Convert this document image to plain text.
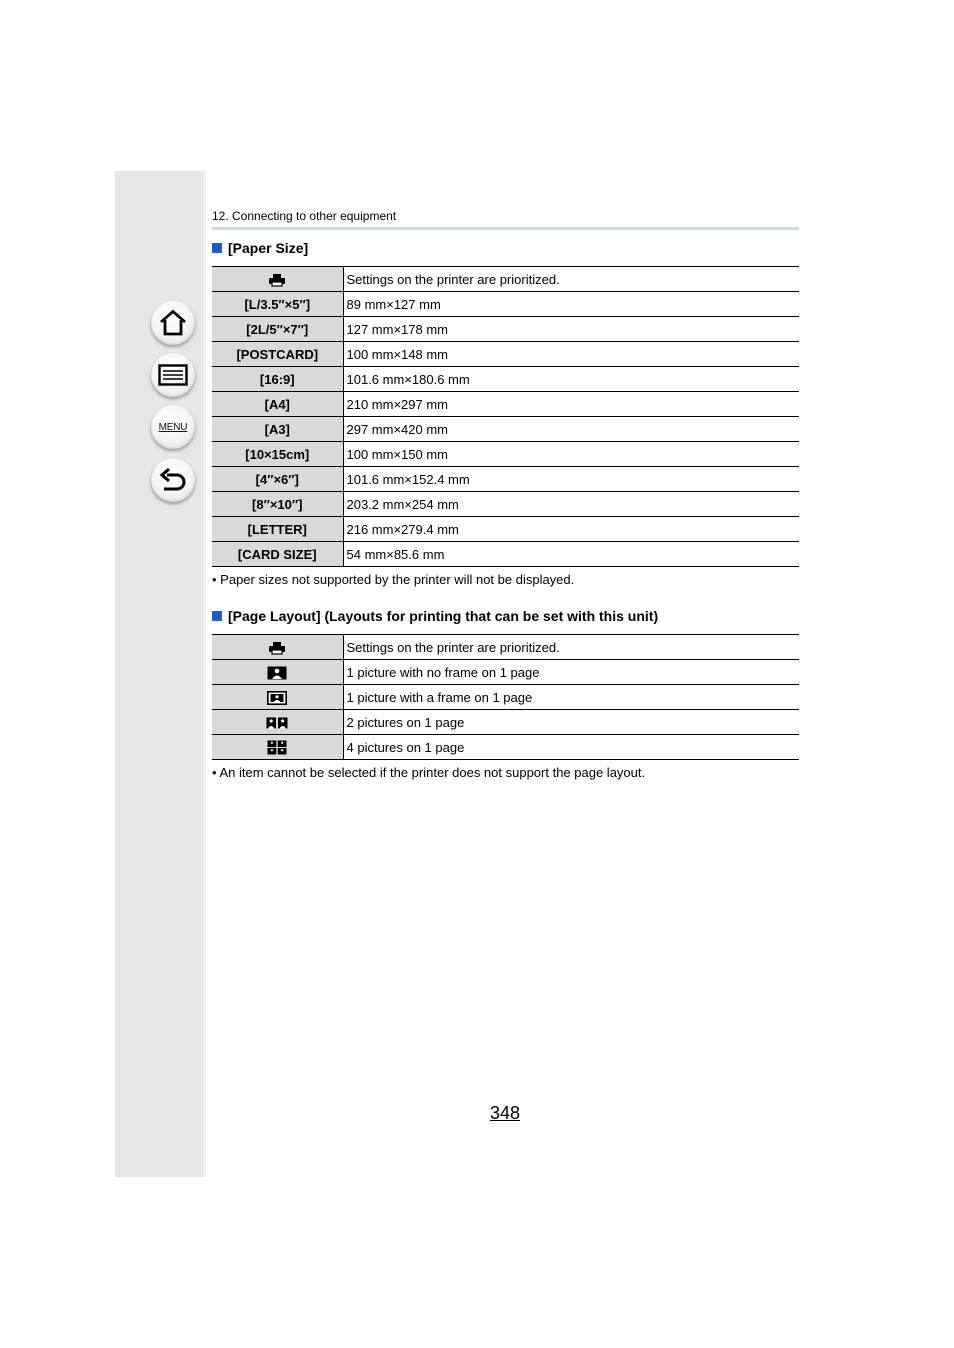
MENU
12. Connecting to other equipment
[Paper Size]
	Settings on the printer are prioritized.
[L/3.5″×5″]	89 mm×127 mm
[2L/5″×7″]	127 mm×178 mm
[POSTCARD]	100 mm×148 mm
[16:9]	101.6 mm×180.6 mm
[A4]	210 mm×297 mm
[A3]	297 mm×420 mm
[10×15cm]	100 mm×150 mm
[4″×6″]	101.6 mm×152.4 mm
[8″×10″]	203.2 mm×254 mm
[LETTER]	216 mm×279.4 mm
[CARD SIZE]	54 mm×85.6 mm
• Paper sizes not supported by the printer will not be displayed.
[Page Layout] (Layouts for printing that can be set with this unit)
	Settings on the printer are prioritized.
	1 picture with no frame on 1 page
	1 picture with a frame on 1 page
	2 pictures on 1 page
	4 pictures on 1 page
• An item cannot be selected if the printer does not support the page layout.
348
